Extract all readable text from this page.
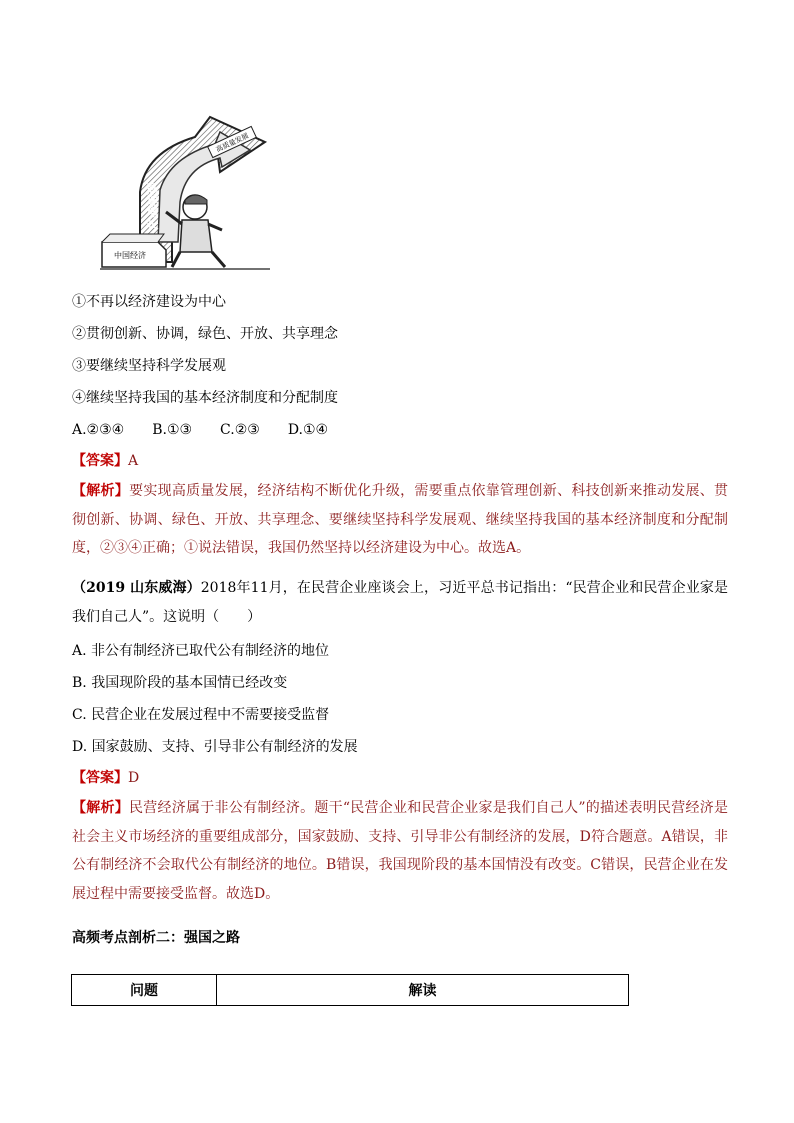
高质量发展
高速增长
中国经济
①不再以经济建设为中心
②贯彻创新、协调，绿色、开放、共享理念
③要继续坚持科学发展观
④继续坚持我国的基本经济制度和分配制度
A.②③④　　B.①③　　C.②③　　D.①④
【答案】A
【解析】要实现高质量发展，经济结构不断优化升级，需要重点依靠管理创新、科技创新来推动发展、贯彻创新、协调、绿色、开放、共享理念、要继续坚持科学发展观、继续坚持我国的基本经济制度和分配制度，②③④正确；①说法错误，我国仍然坚持以经济建设为中心。故选A。
（2019 山东威海）2018年11月，在民营企业座谈会上，习近平总书记指出：“民营企业和民营企业家是我们自己人”。这说明（　　）
A. 非公有制经济已取代公有制经济的地位
B. 我国现阶段的基本国情已经改变
C. 民营企业在发展过程中不需要接受监督
D. 国家鼓励、支持、引导非公有制经济的发展
【答案】D
【解析】民营经济属于非公有制经济。题干“民营企业和民营企业家是我们自己人”的描述表明民营经济是社会主义市场经济的重要组成部分，国家鼓励、支持、引导非公有制经济的发展，D符合题意。A错误，非公有制经济不会取代公有制经济的地位。B错误，我国现阶段的基本国情没有改变。C错误，民营企业在发展过程中需要接受监督。故选D。
高频考点剖析二：强国之路
问题	解读
